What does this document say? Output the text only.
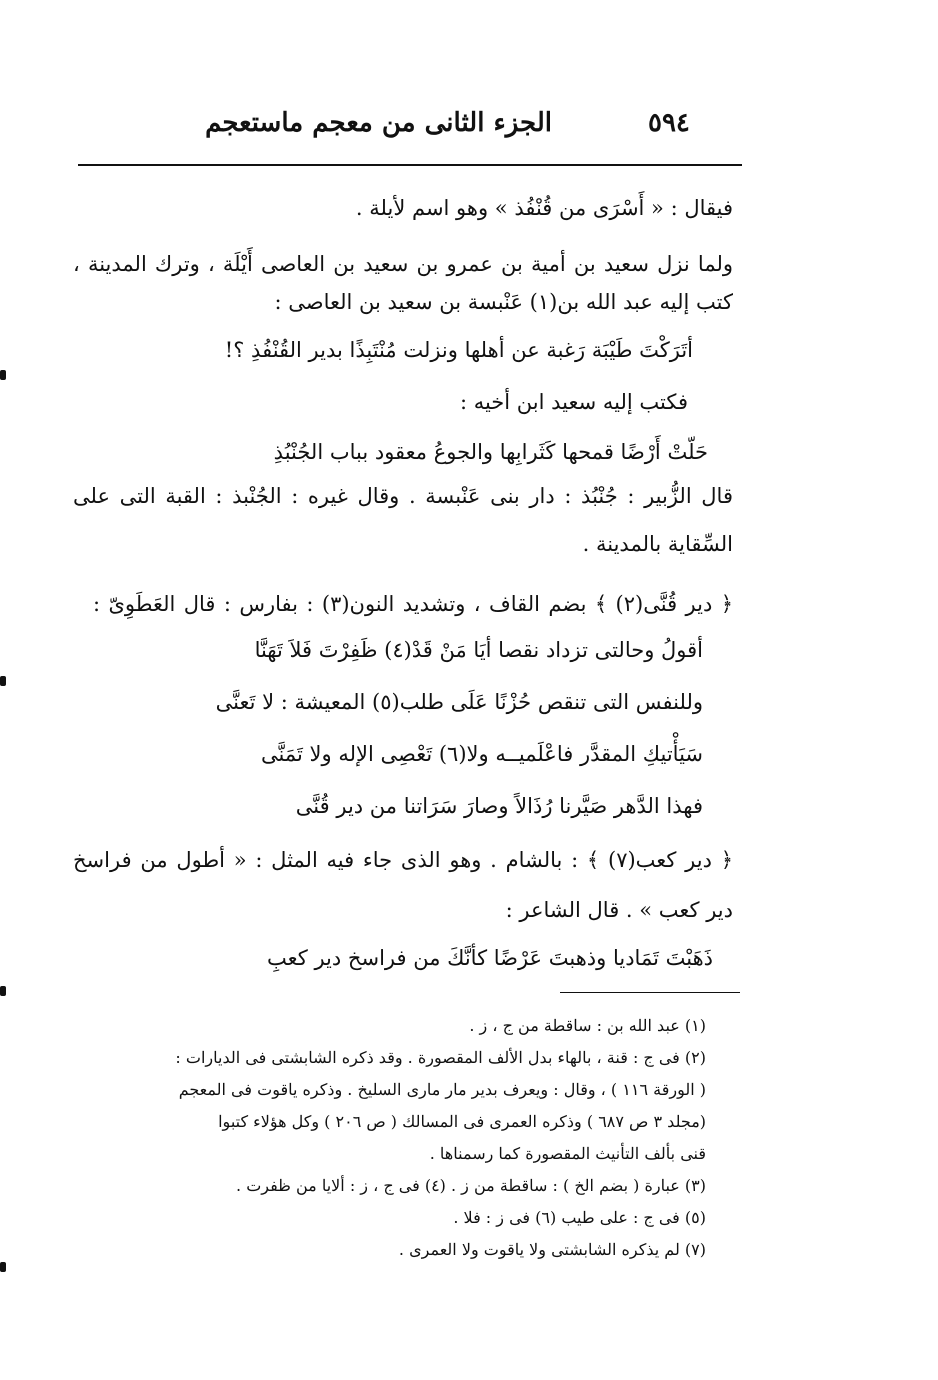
٥٩٤
الجزء الثانى من معجم ماستعجم
فيقال : « أَسْرَى من قُنْفُذ » وهو اسم لأيلة .
ولما نزل سعيد بن أمية بن عمرو بن سعيد بن العاصى أَيْلَة ، وترك المدينة ،
كتب إليه عبد الله بن(١) عَنْبسة بن سعيد بن العاصى :
أتَرَكْتَ طَيْبَة رَغبة عن أهلها ونزلت مُنْتَبِذًا بدير القُنْفُذِ ؟!
فكتب إليه سعيد ابن أخيه :
حَلّتْ أَرْضًا قمحها كَثَرابِها والجوعُ معقود بباب الجُنْبُذِ
قال الزُّبير : جُنْبُذ : دار بنى عَنْبسة . وقال غيره : الجُنْبذ : القبة التى على
السِّقاية بالمدينة .
﴿ دير قُنَّى(٢) ﴾ بضم القاف ، وتشديد النون(٣) : بفارس : قال العَطَوِىّ :
أقولُ وحالتى تزداد نقصا أيَا مَنْ قَدْ(٤) ظَفِرْتَ فَلاَ تَهَنَّا
وللنفس التى تنقص حُزْنًا عَلَى طلب(٥) المعيشة : لا تَعنَّى
سَيَأْتيكِ المقدَّر فاعْلَميــه ولا(٦) تَعْصِى الإله ولا تَمَنَّى
فهذا الدَّهر صَيَّرنا رُذَالاً وصارَ سَرَاتنا من دير قُنَّى
﴿ دير كعب(٧) ﴾ : بالشام . وهو الذى جاء فيه المثل : « أطول من فراسخ
دير كعب » . قال الشاعر :
ذَهَبْتَ تَمَاديا وذهبتَ عَرْضًا كأنَّكَ من فراسخ دير كعبِ
(١) عبد الله بن : ساقطة من ج ، ز .
(٢) فى ج : قنة ، بالهاء بدل الألف المقصورة . وقد ذكره الشابشتى فى الديارات :
( الورقة ١١٦ ) ، وقال : ويعرف بدير مار مارى السليخ . وذكره ياقوت فى المعجم
(مجلد ٣ ص ٦٨٧ ) وذكره العمرى فى المسالك ( ص ٢٠٦ ) وكل هؤلاء كتبوا
قنى بألف التأنيث المقصورة كما رسمناها .
(٣) عبارة ( بضم الخ ) : ساقطة من ز . (٤) فى ج ، ز : ألايا من ظفرت .
(٥) فى ج : على طيب (٦) فى ز : فلا .
(٧) لم يذكره الشابشتى ولا ياقوت ولا العمرى .
